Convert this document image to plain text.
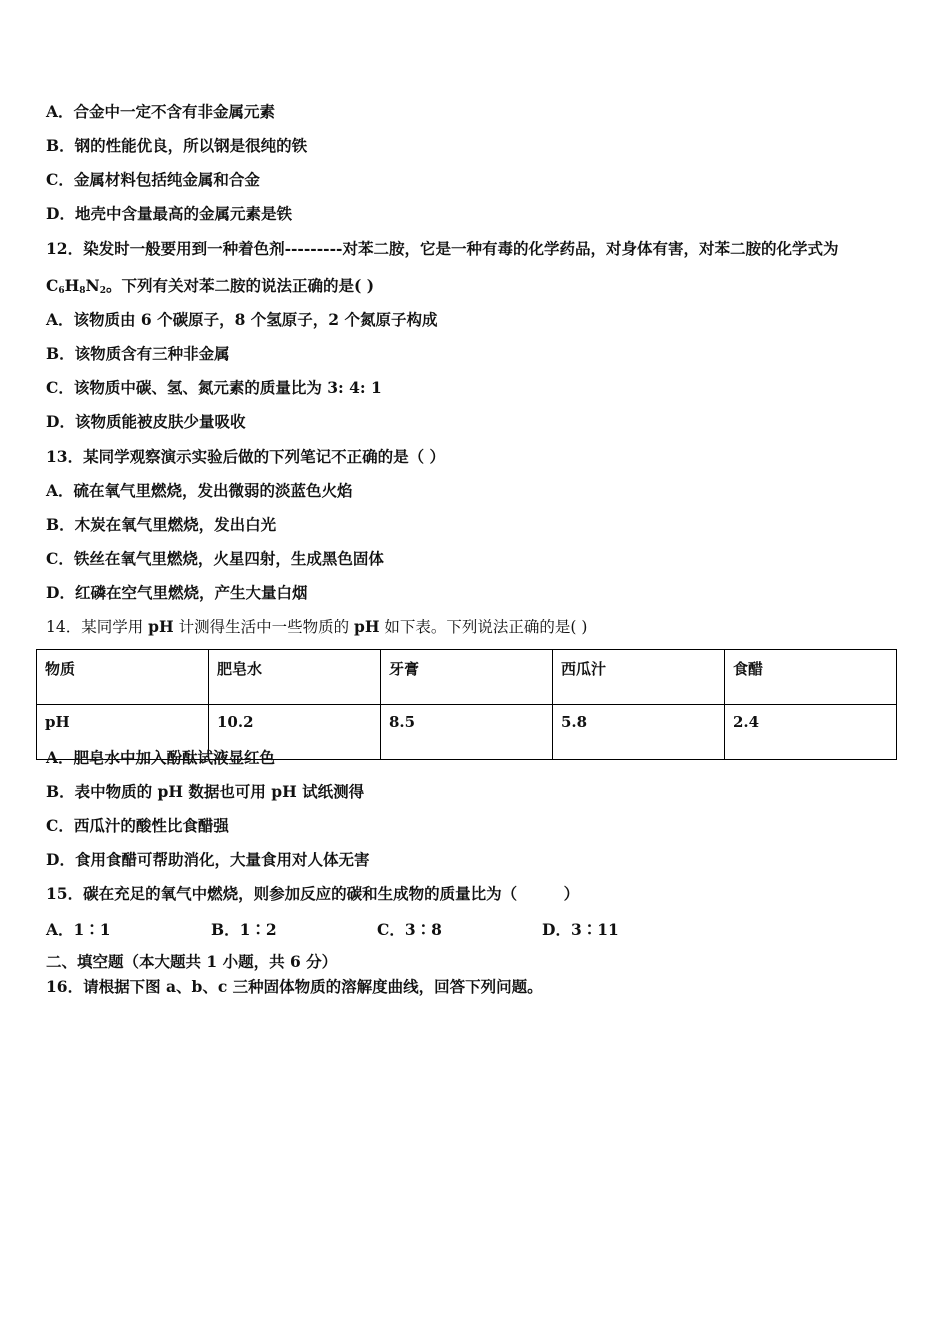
A．合金中一定不含有非金属元素
B．钢的性能优良，所以钢是很纯的铁
C．金属材料包括纯金属和合金
D．地壳中含量最高的金属元素是铁
12．染发时一般要用到一种着色剂---------对苯二胺，它是一种有毒的化学药品，对身体有害，对苯二胺的化学式为
$C_6H_8N_2$。下列有关对苯二胺的说法正确的是( )
A．该物质由 6 个碳原子，8 个氢原子，2 个氮原子构成
B．该物质含有三种非金属
C．该物质中碳、氢、氮元素的质量比为 3: 4: 1
D．该物质能被皮肤少量吸收
13．某同学观察演示实验后做的下列笔记不正确的是（ ）
A．硫在氧气里燃烧，发出微弱的淡蓝色火焰
B．木炭在氧气里燃烧，发出白光
C．铁丝在氧气里燃烧，火星四射，生成黑色固体
D．红磷在空气里燃烧，产生大量白烟
14．某同学用 pH 计测得生活中一些物质的 pH 如下表。下列说法正确的是( )
物质	肥皂水	牙膏	西瓜汁	食醋
pH	10.2	8.5	5.8	2.4
A．肥皂水中加入酚酞试液显红色
B．表中物质的 pH 数据也可用 pH 试纸测得
C．西瓜汁的酸性比食醋强
D．食用食醋可帮助消化，大量食用对人体无害
15．碳在充足的氧气中燃烧，则参加反应的碳和生成物的质量比为（　　　）
A．1∶1	B．1∶2	C．3∶8	D．3∶11
二、填空题（本大题共 1 小题，共 6 分）
16．请根据下图 a、b、c 三种固体物质的溶解度曲线，回答下列问题。
